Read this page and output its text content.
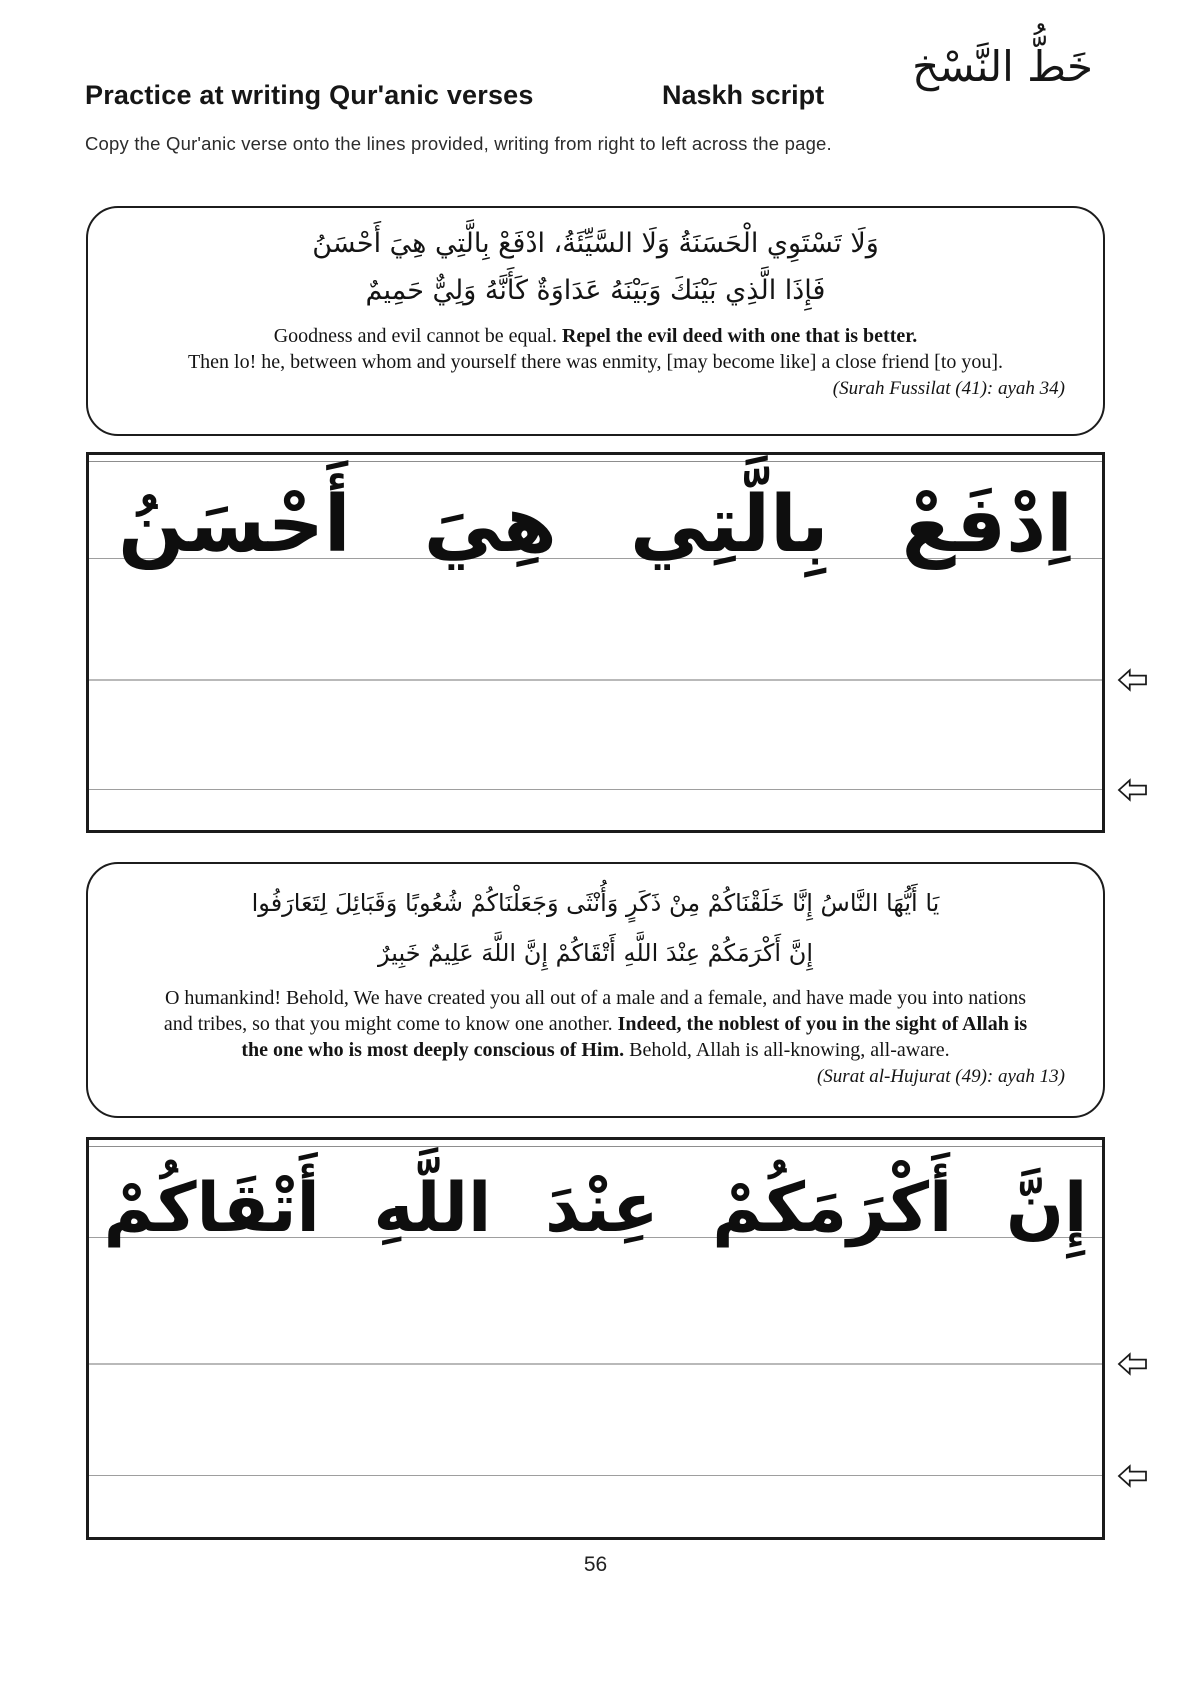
Practice at writing Qur'anic verses	Naskh script
خَطُّ النَّسْخ
Copy the Qur'anic verse onto the lines provided, writing from right to left across the page.
وَلَا تَسْتَوِي الْحَسَنَةُ وَلَا السَّيِّئَةُ، ادْفَعْ بِالَّتِي هِيَ أَحْسَنُ
فَإِذَا الَّذِي بَيْنَكَ وَبَيْنَهُ عَدَاوَةٌ كَأَنَّهُ وَلِيٌّ حَمِيمٌ
Goodness and evil cannot be equal. Repel the evil deed with one that is better.
Then lo! he, between whom and yourself there was enmity, [may become like] a close friend [to you].
(Surah Fussilat (41): ayah 34)
اِدْفَعْ بِالَّتِي هِيَ أَحْسَنُ
يَا أَيُّهَا النَّاسُ إِنَّا خَلَقْنَاكُمْ مِنْ ذَكَرٍ وَأُنْثَى وَجَعَلْنَاكُمْ شُعُوبًا وَقَبَائِلَ لِتَعَارَفُوا
إِنَّ أَكْرَمَكُمْ عِنْدَ اللَّهِ أَتْقَاكُمْ إِنَّ اللَّهَ عَلِيمٌ خَبِيرٌ
O humankind! Behold, We have created you all out of a male and a female, and have made you into nations
and tribes, so that you might come to know one another. Indeed, the noblest of you in the sight of Allah is
the one who is most deeply conscious of Him. Behold, Allah is all-knowing, all-aware.
(Surat al-Hujurat (49): ayah 13)
إِنَّ أَكْرَمَكُمْ عِنْدَ اللَّهِ أَتْقَاكُمْ
56
